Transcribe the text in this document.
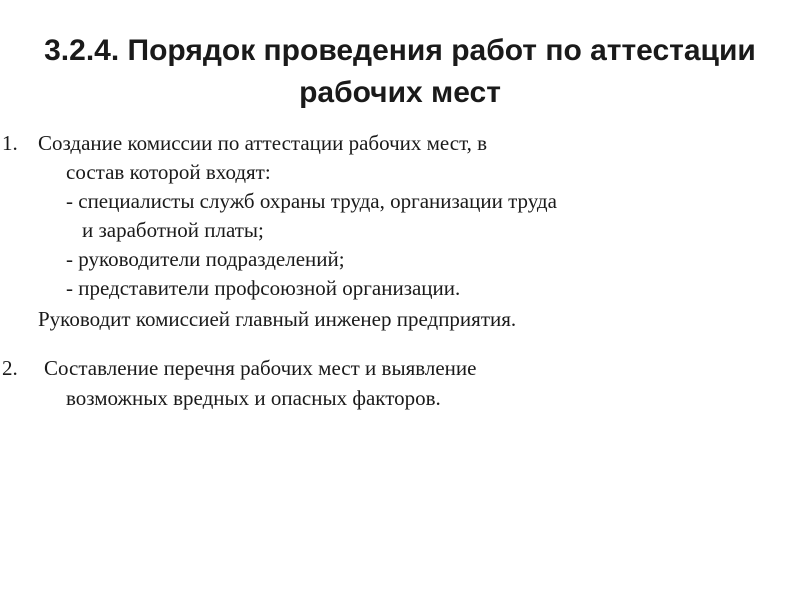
3.2.4. Порядок проведения работ по аттестации
рабочих мест
1. Создание комиссии по аттестации рабочих мест, в
состав которой входят:
- специалисты служб охраны труда, организации труда
и заработной платы;
- руководители подразделений;
- представители профсоюзной организации.
Руководит комиссией главный инженер предприятия.
2. Составление перечня рабочих мест и выявление
возможных вредных и опасных факторов.
